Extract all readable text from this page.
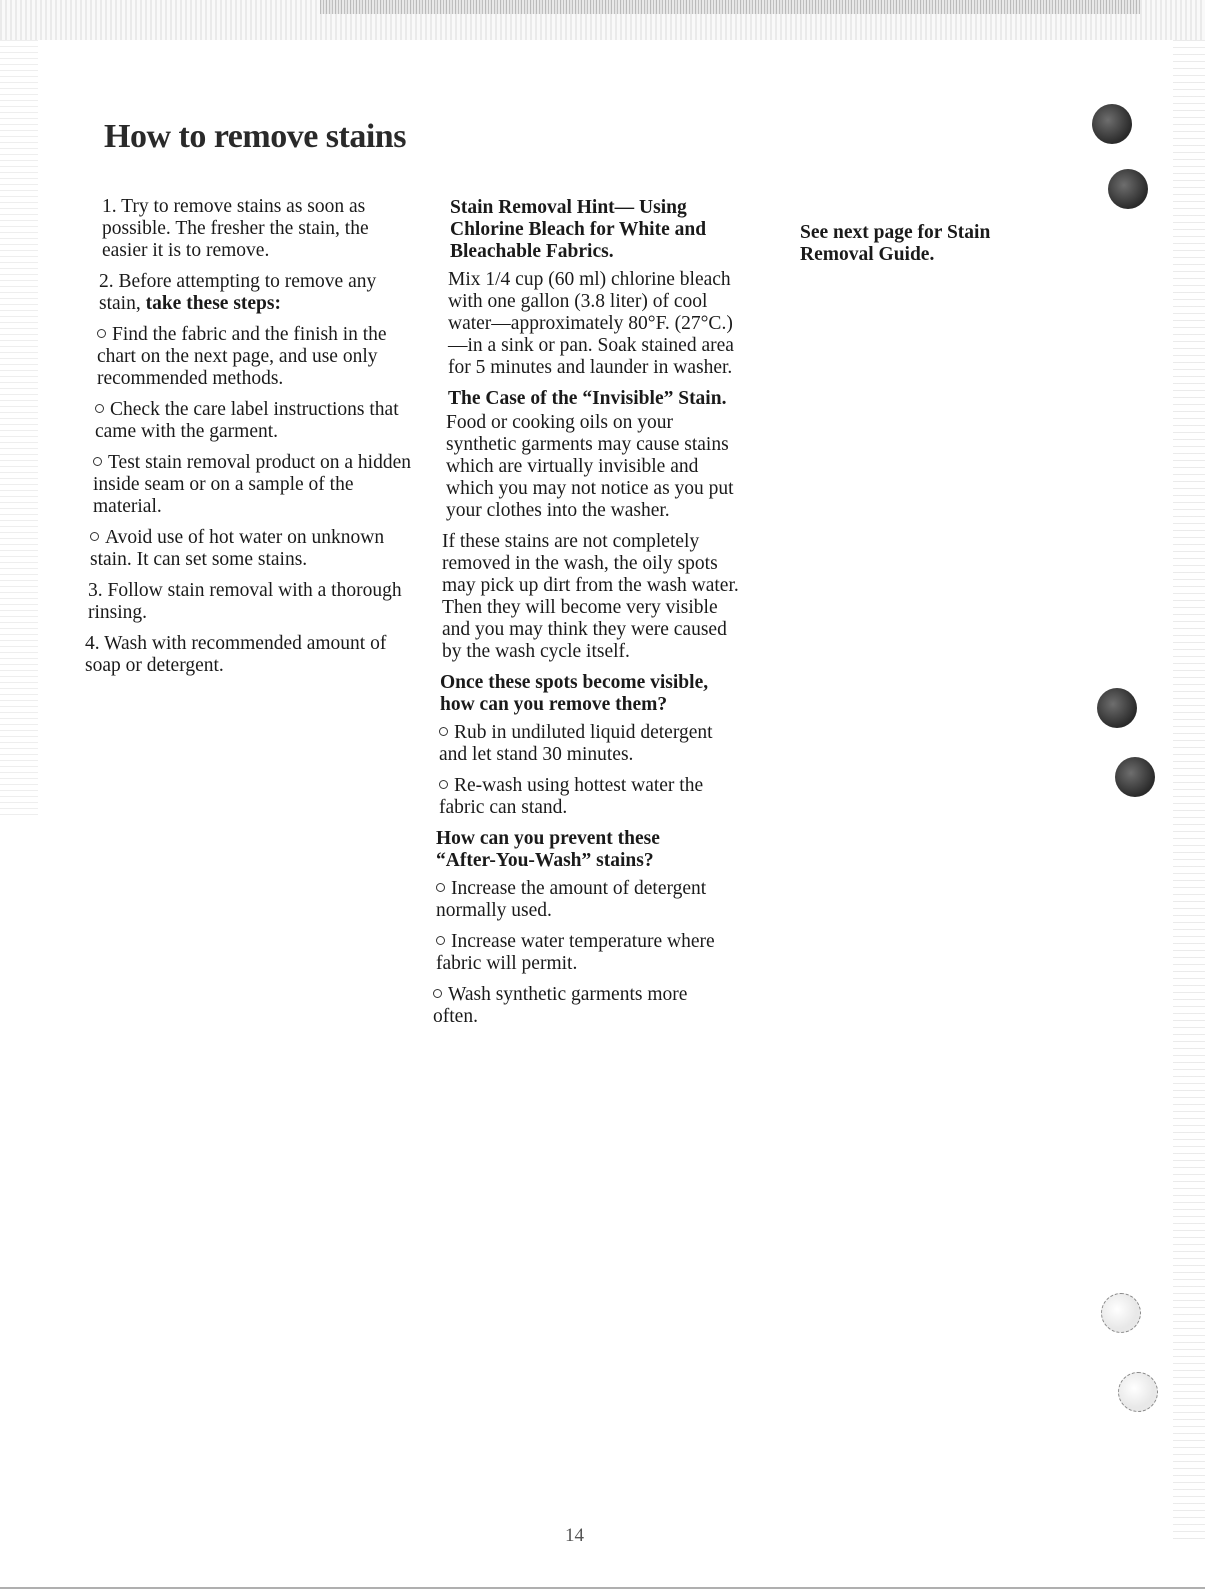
How to remove stains

1. Try to remove stains as soon as possible. The fresher the stain, the easier it is to remove.

2. Before attempting to remove any stain, take these steps:

Find the fabric and the finish in the chart on the next page, and use only recommended methods.

Check the care label instructions that came with the garment.

Test stain removal product on a hidden inside seam or on a sample of the material.

Avoid use of hot water on unknown stain. It can set some stains.

3. Follow stain removal with a thorough rinsing.

4. Wash with recommended amount of soap or detergent.

Stain Removal Hint— Using Chlorine Bleach for White and Bleachable Fabrics.

Mix 1/4 cup (60 ml) chlorine bleach with one gallon (3.8 liter) of cool water—approximately 80°F. (27°C.)—in a sink or pan. Soak stained area for 5 minutes and launder in washer.

The Case of the “Invisible” Stain.

Food or cooking oils on your synthetic garments may cause stains which are virtually invisible and which you may not notice as you put your clothes into the washer.

If these stains are not completely removed in the wash, the oily spots may pick up dirt from the wash water. Then they will become very visible and you may think they were caused by the wash cycle itself.

Once these spots become visible, how can you remove them?

Rub in undiluted liquid detergent and let stand 30 minutes.

Re-wash using hottest water the fabric can stand.

How can you prevent these “After-You-Wash” stains?

Increase the amount of detergent normally used.

Increase water temperature where fabric will permit.

Wash synthetic garments more often.

See next page for Stain Removal Guide.

14
